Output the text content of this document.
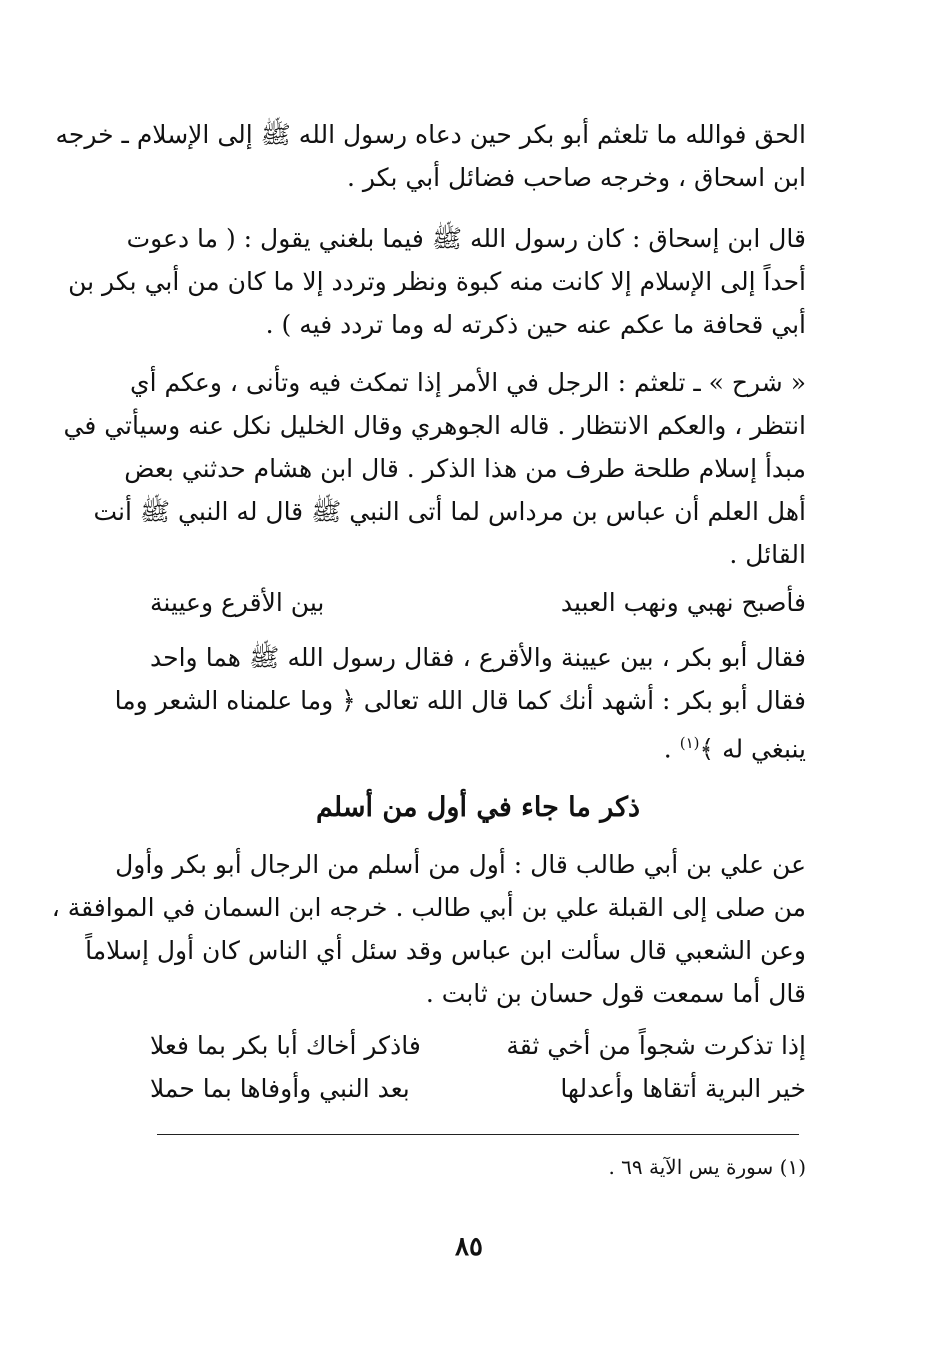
الحق فوالله ما تلعثم أبو بكر حين دعاه رسول الله ﷺ إلى الإسلام ـ خرجه
ابن اسحاق ، وخرجه صاحب فضائل أبي بكر .
قال ابن إسحاق : كان رسول الله ﷺ فيما بلغني يقول : ( ما دعوت
أحداً إلى الإسلام إلا كانت منه كبوة ونظر وتردد إلا ما كان من أبي بكر بن
أبي قحافة ما عكم عنه حين ذكرته له وما تردد فيه ) .
« شرح » ـ تلعثم : الرجل في الأمر إذا تمكث فيه وتأنى ، وعكم أي
انتظر ، والعكم الانتظار . قاله الجوهري وقال الخليل نكل عنه وسيأتي في
مبدأ إسلام طلحة طرف من هذا الذكر . قال ابن هشام حدثني بعض
أهل العلم أن عباس بن مرداس لما أتى النبي ﷺ قال له النبي ﷺ أنت
القائل .
فأصبح نهبي ونهب العبيد
بين الأقرع وعيينة
فقال أبو بكر ، بين عيينة والأقرع ، فقال رسول الله ﷺ هما واحد
فقال أبو بكر : أشهد أنك كما قال الله تعالى ﴿ وما علمناه الشعر وما
ينبغي له ﴾$^{(١)}$ .
ذكر ما جاء في أول من أسلم
عن علي بن أبي طالب قال : أول من أسلم من الرجال أبو بكر وأول
من صلى إلى القبلة علي بن أبي طالب . خرجه ابن السمان في الموافقة ،
وعن الشعبي قال سألت ابن عباس وقد سئل أي الناس كان أول إسلاماً
قال أما سمعت قول حسان بن ثابت .
إذا تذكرت شجواً من أخي ثقة
فاذكر أخاك أبا بكر بما فعلا
خير البرية أتقاها وأعدلها
بعد النبي وأوفاها بما حملا
(١) سورة يس الآية ٦٩ .
٨٥
